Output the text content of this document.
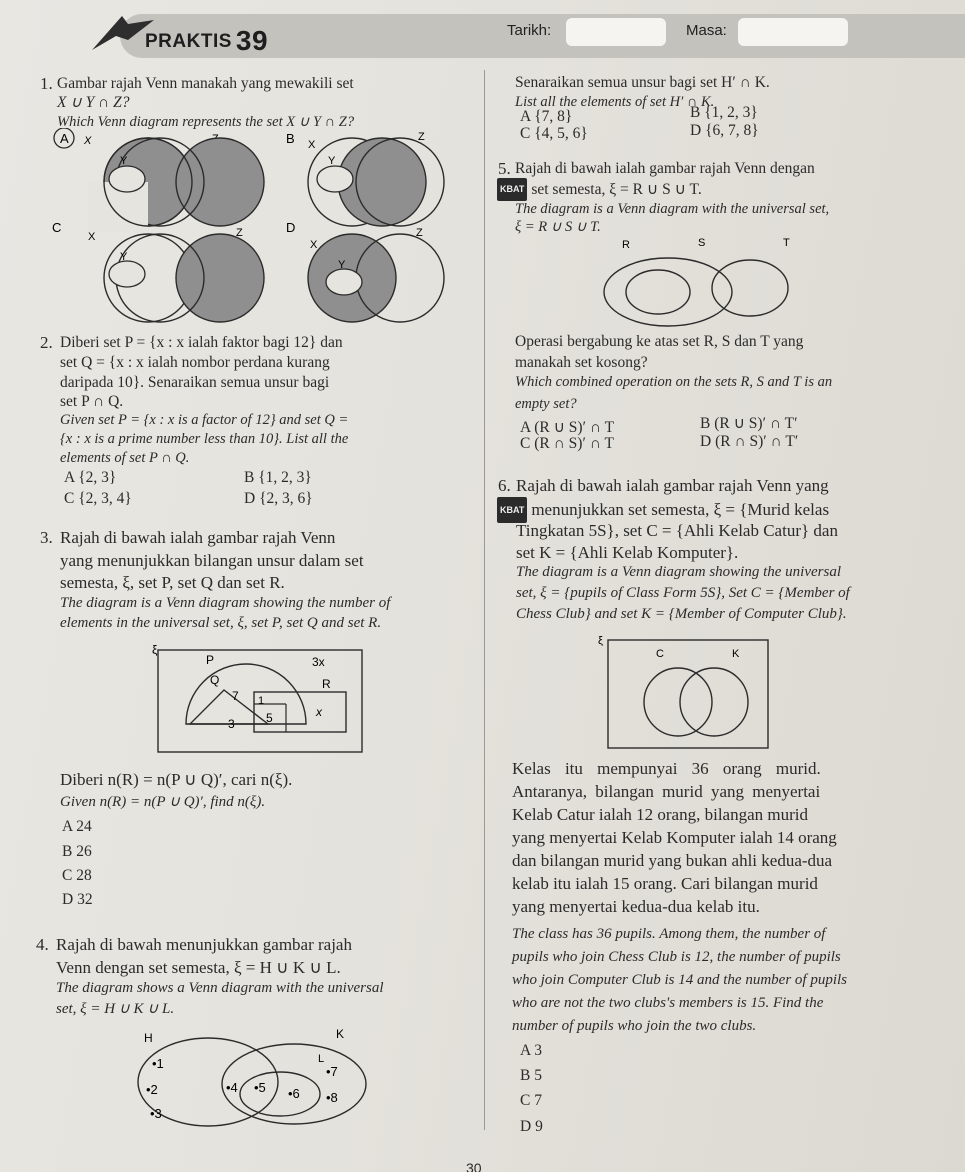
PRAKTIS 39	Tarikh:	Masa:
1. Gambar rajah Venn manakah yang mewakili set
X ∪ Y ∩ Z?
Which Venn diagram represents the set X ∪ Y ∩ Z?
A X
Y
B X
Z
Y
C
X	Z
Y
D
X
Z
Y
Senaraikan semua unsur bagi set H′ ∩ K.
List all the elements of set H′ ∩ K.
A {7, 8}	B {1, 2, 3}
C {4, 5, 6}	D {6, 7, 8}
5. Rajah di bawah ialah gambar rajah Venn dengan
KBAT set semesta, ξ = R ∪ S ∪ T.
The diagram is a Venn diagram with the universal set,
ξ = R ∪ S ∪ T.
R	S	T
Operasi bergabung ke atas set R, S dan T yang
manakah set kosong?
Which combined operation on the sets R, S and T is an
empty set?
A (R ∪ S)′ ∩ T	B (R ∪ S)′ ∩ T′
C (R ∩ S)′ ∩ T	D (R ∩ S)′ ∩ T′
2. Diberi set P = {x : x ialah faktor bagi 12} dan
set Q = {x : x ialah nombor perdana kurang
daripada 10}. Senaraikan semua unsur bagi
set P ∩ Q.
Given set P = {x : x is a factor of 12} and set Q =
{x : x is a prime number less than 10}. List all the
elements of set P ∩ Q.
A {2, 3}	B {1, 2, 3}
C {2, 3, 4}	D {2, 3, 6}
6. Rajah di bawah ialah gambar rajah Venn yang
KBAT menunjukkan set semesta, ξ = {Murid kelas
Tingkatan 5S}, set C = {Ahli Kelab Catur} dan
set K = {Ahli Kelab Komputer}.
The diagram is a Venn diagram showing the universal
set, ξ = {pupils of Class Form 5S}, Set C = {Member of
Chess Club} and set K = {Member of Computer Club}.
ξ
C	K
Kelas itu mempunyai 36 orang murid.
Antaranya, bilangan murid yang menyertai
Kelab Catur ialah 12 orang, bilangan murid
yang menyertai Kelab Komputer ialah 14 orang
dan bilangan murid yang bukan ahli kedua-dua
kelab itu ialah 15 orang. Cari bilangan murid
yang menyertai kedua-dua kelab itu.
The class has 36 pupils. Among them, the number of
pupils who join Chess Club is 12, the number of pupils
who join Computer Club is 14 and the number of pupils
who are not the two clubs's members is 15. Find the
number of pupils who join the two clubs.
A 3
B 5
C 7
D 9
3. Rajah di bawah ialah gambar rajah Venn
yang menunjukkan bilangan unsur dalam set
semesta, ξ, set P, set Q dan set R.
The diagram is a Venn diagram showing the number of
elements in the universal set, ξ, set P, set Q and set R.
ξ
P	3x
Q	R
7 1
3	5	x
Diberi n(R) = n(P ∪ Q)′, cari n(ξ).
Given n(R) = n(P ∪ Q)′, find n(ξ).
A 24
B 26
C 28
D 32
4. Rajah di bawah menunjukkan gambar rajah
Venn dengan set semesta, ξ = H ∪ K ∪ L.
The diagram shows a Venn diagram with the universal
set, ξ = H ∪ K ∪ L.
H	K
L
•1
•2
•3
•4 •5 •6
•7
•8
30
